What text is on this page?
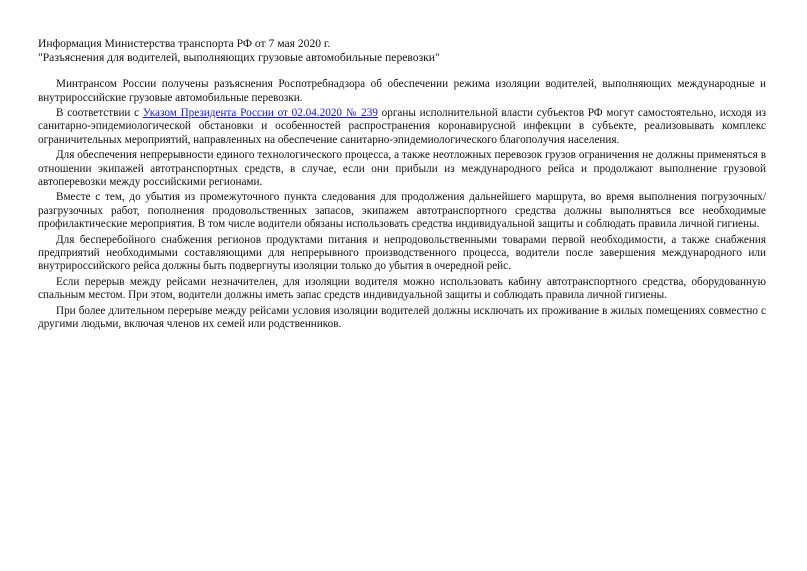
Информация Министерства транспорта РФ от 7 мая 2020 г.
"Разъяснения для водителей, выполняющих грузовые автомобильные перевозки"

Минтрансом России получены разъяснения Роспотребнадзора об обеспечении режима изоляции водителей, выполняющих международные и внутрироссийские грузовые автомобильные перевозки.

В соответствии с Указом Президента России от 02.04.2020 № 239 органы исполнительной власти субъектов РФ могут самостоятельно, исходя из санитарно-эпидемиологической обстановки и особенностей распространения коронавирусной инфекции в субъекте, реализовывать комплекс ограничительных мероприятий, направленных на обеспечение санитарно-эпидемиологического благополучия населения.

Для обеспечения непрерывности единого технологического процесса, а также неотложных перевозок грузов ограничения не должны применяться в отношении экипажей автотранспортных средств, в случае, если они прибыли из международного рейса и продолжают выполнение грузовой автоперевозки между российскими регионами.

Вместе с тем, до убытия из промежуточного пункта следования для продолжения дальнейшего маршрута, во время выполнения погрузочных/разгрузочных работ, пополнения продовольственных запасов, экипажем автотранспортного средства должны выполняться все необходимые профилактические мероприятия. В том числе водители обязаны использовать средства индивидуальной защиты и соблюдать правила личной гигиены.

Для бесперебойного снабжения регионов продуктами питания и непродовольственными товарами первой необходимости, а также снабжения предприятий необходимыми составляющими для непрерывного производственного процесса, водители после завершения международного или внутрироссийского рейса должны быть подвергнуты изоляции только до убытия в очередной рейс.

Если перерыв между рейсами незначителен, для изоляции водителя можно использовать кабину автотранспортного средства, оборудованную спальным местом. При этом, водители должны иметь запас средств индивидуальной защиты и соблюдать правила личной гигиены.

При более длительном перерыве между рейсами условия изоляции водителей должны исключать их проживание в жилых помещениях совместно с другими людьми, включая членов их семей или родственников.
